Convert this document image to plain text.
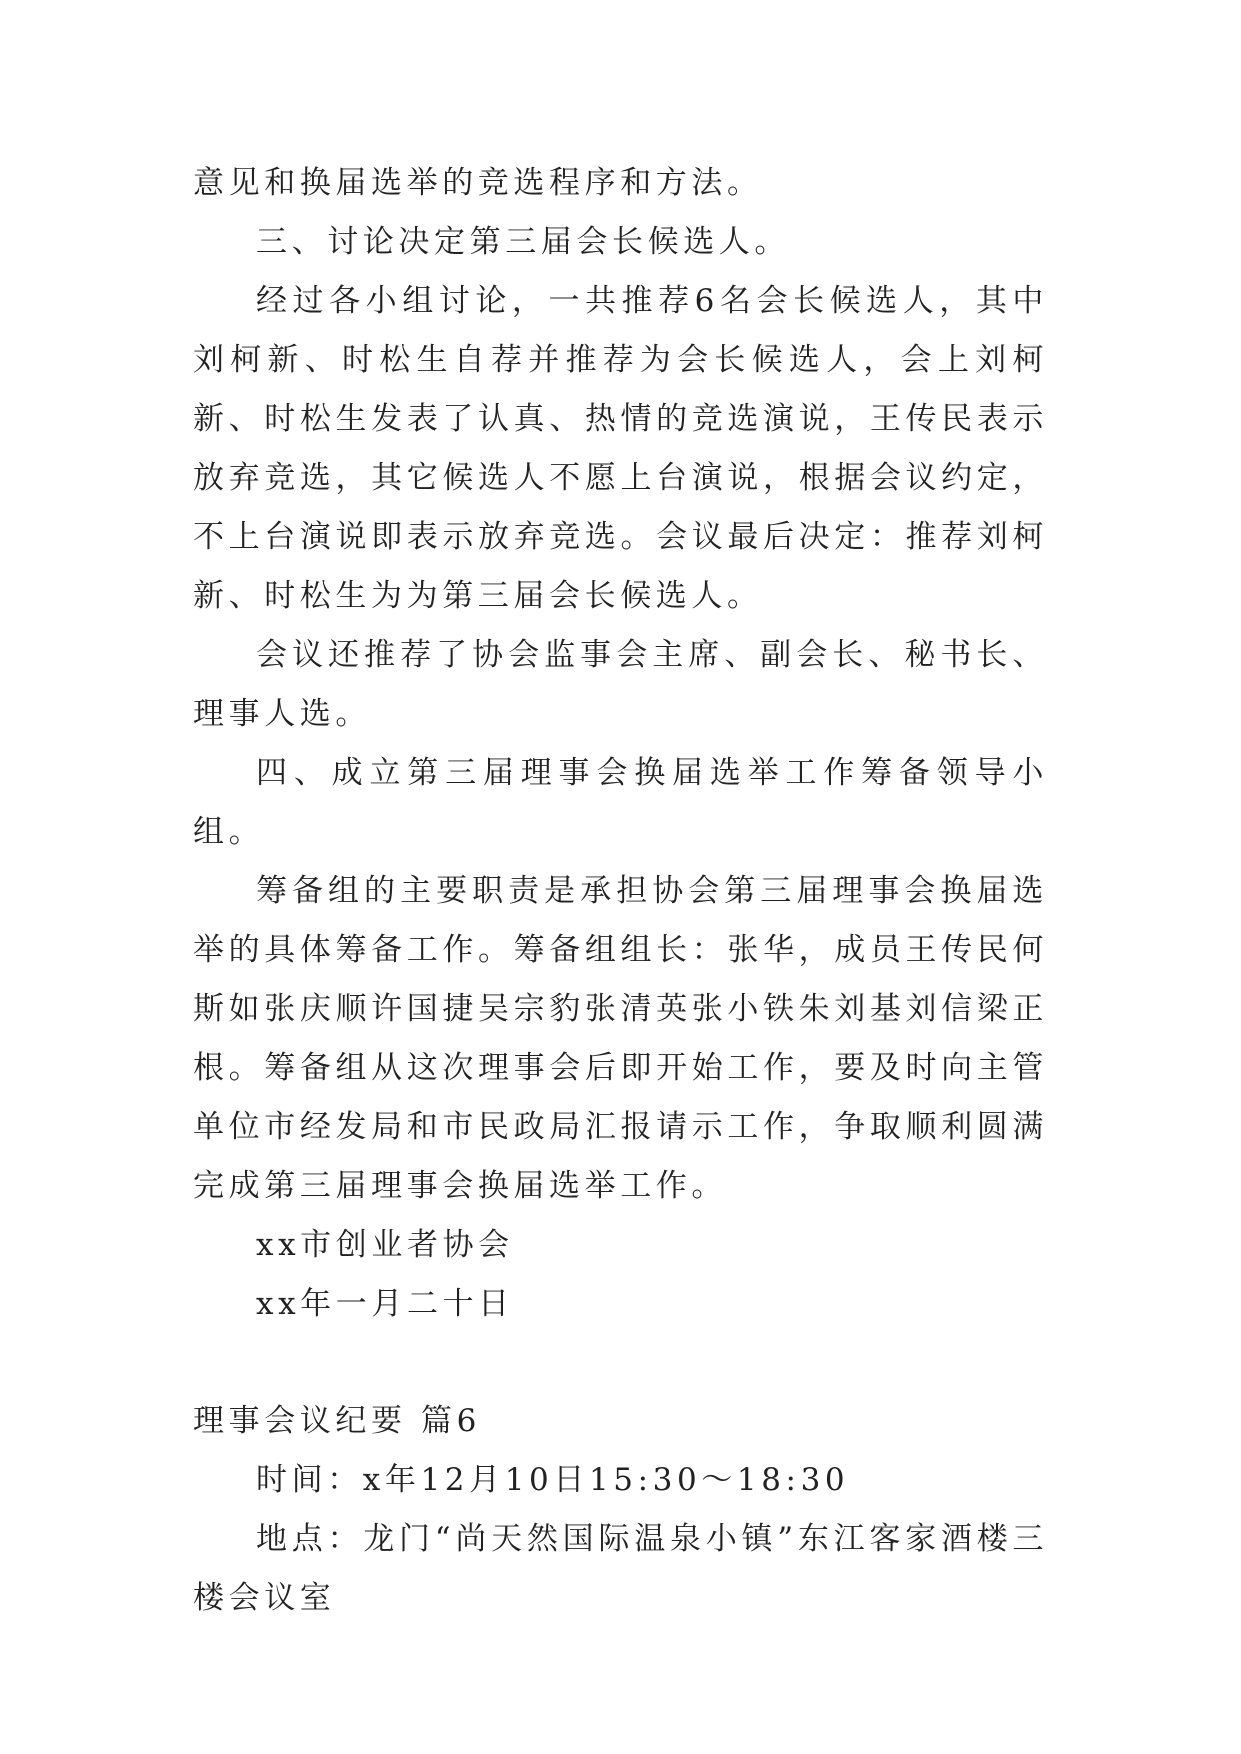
意见和换届选举的竞选程序和方法。

三、讨论决定第三届会长候选人。

经过各小组讨论，一共推荐6名会长候选人，其中刘柯新、时松生自荐并推荐为会长候选人，会上刘柯新、时松生发表了认真、热情的竞选演说，王传民表示放弃竞选，其它候选人不愿上台演说，根据会议约定，不上台演说即表示放弃竞选。会议最后决定：推荐刘柯新、时松生为为第三届会长候选人。

会议还推荐了协会监事会主席、副会长、秘书长、理事人选。

四、成立第三届理事会换届选举工作筹备领导小组。

筹备组的主要职责是承担协会第三届理事会换届选举的具体筹备工作。筹备组组长：张华，成员王传民何斯如张庆顺许国捷吴宗豹张清英张小铁朱刘基刘信梁正根。筹备组从这次理事会后即开始工作，要及时向主管单位市经发局和市民政局汇报请示工作，争取顺利圆满完成第三届理事会换届选举工作。

xx市创业者协会

xx年一月二十日

理事会议纪要 篇6

时间：x年12月10日15:30～18:30

地点：龙门“尚天然国际温泉小镇”东江客家酒楼三楼会议室
